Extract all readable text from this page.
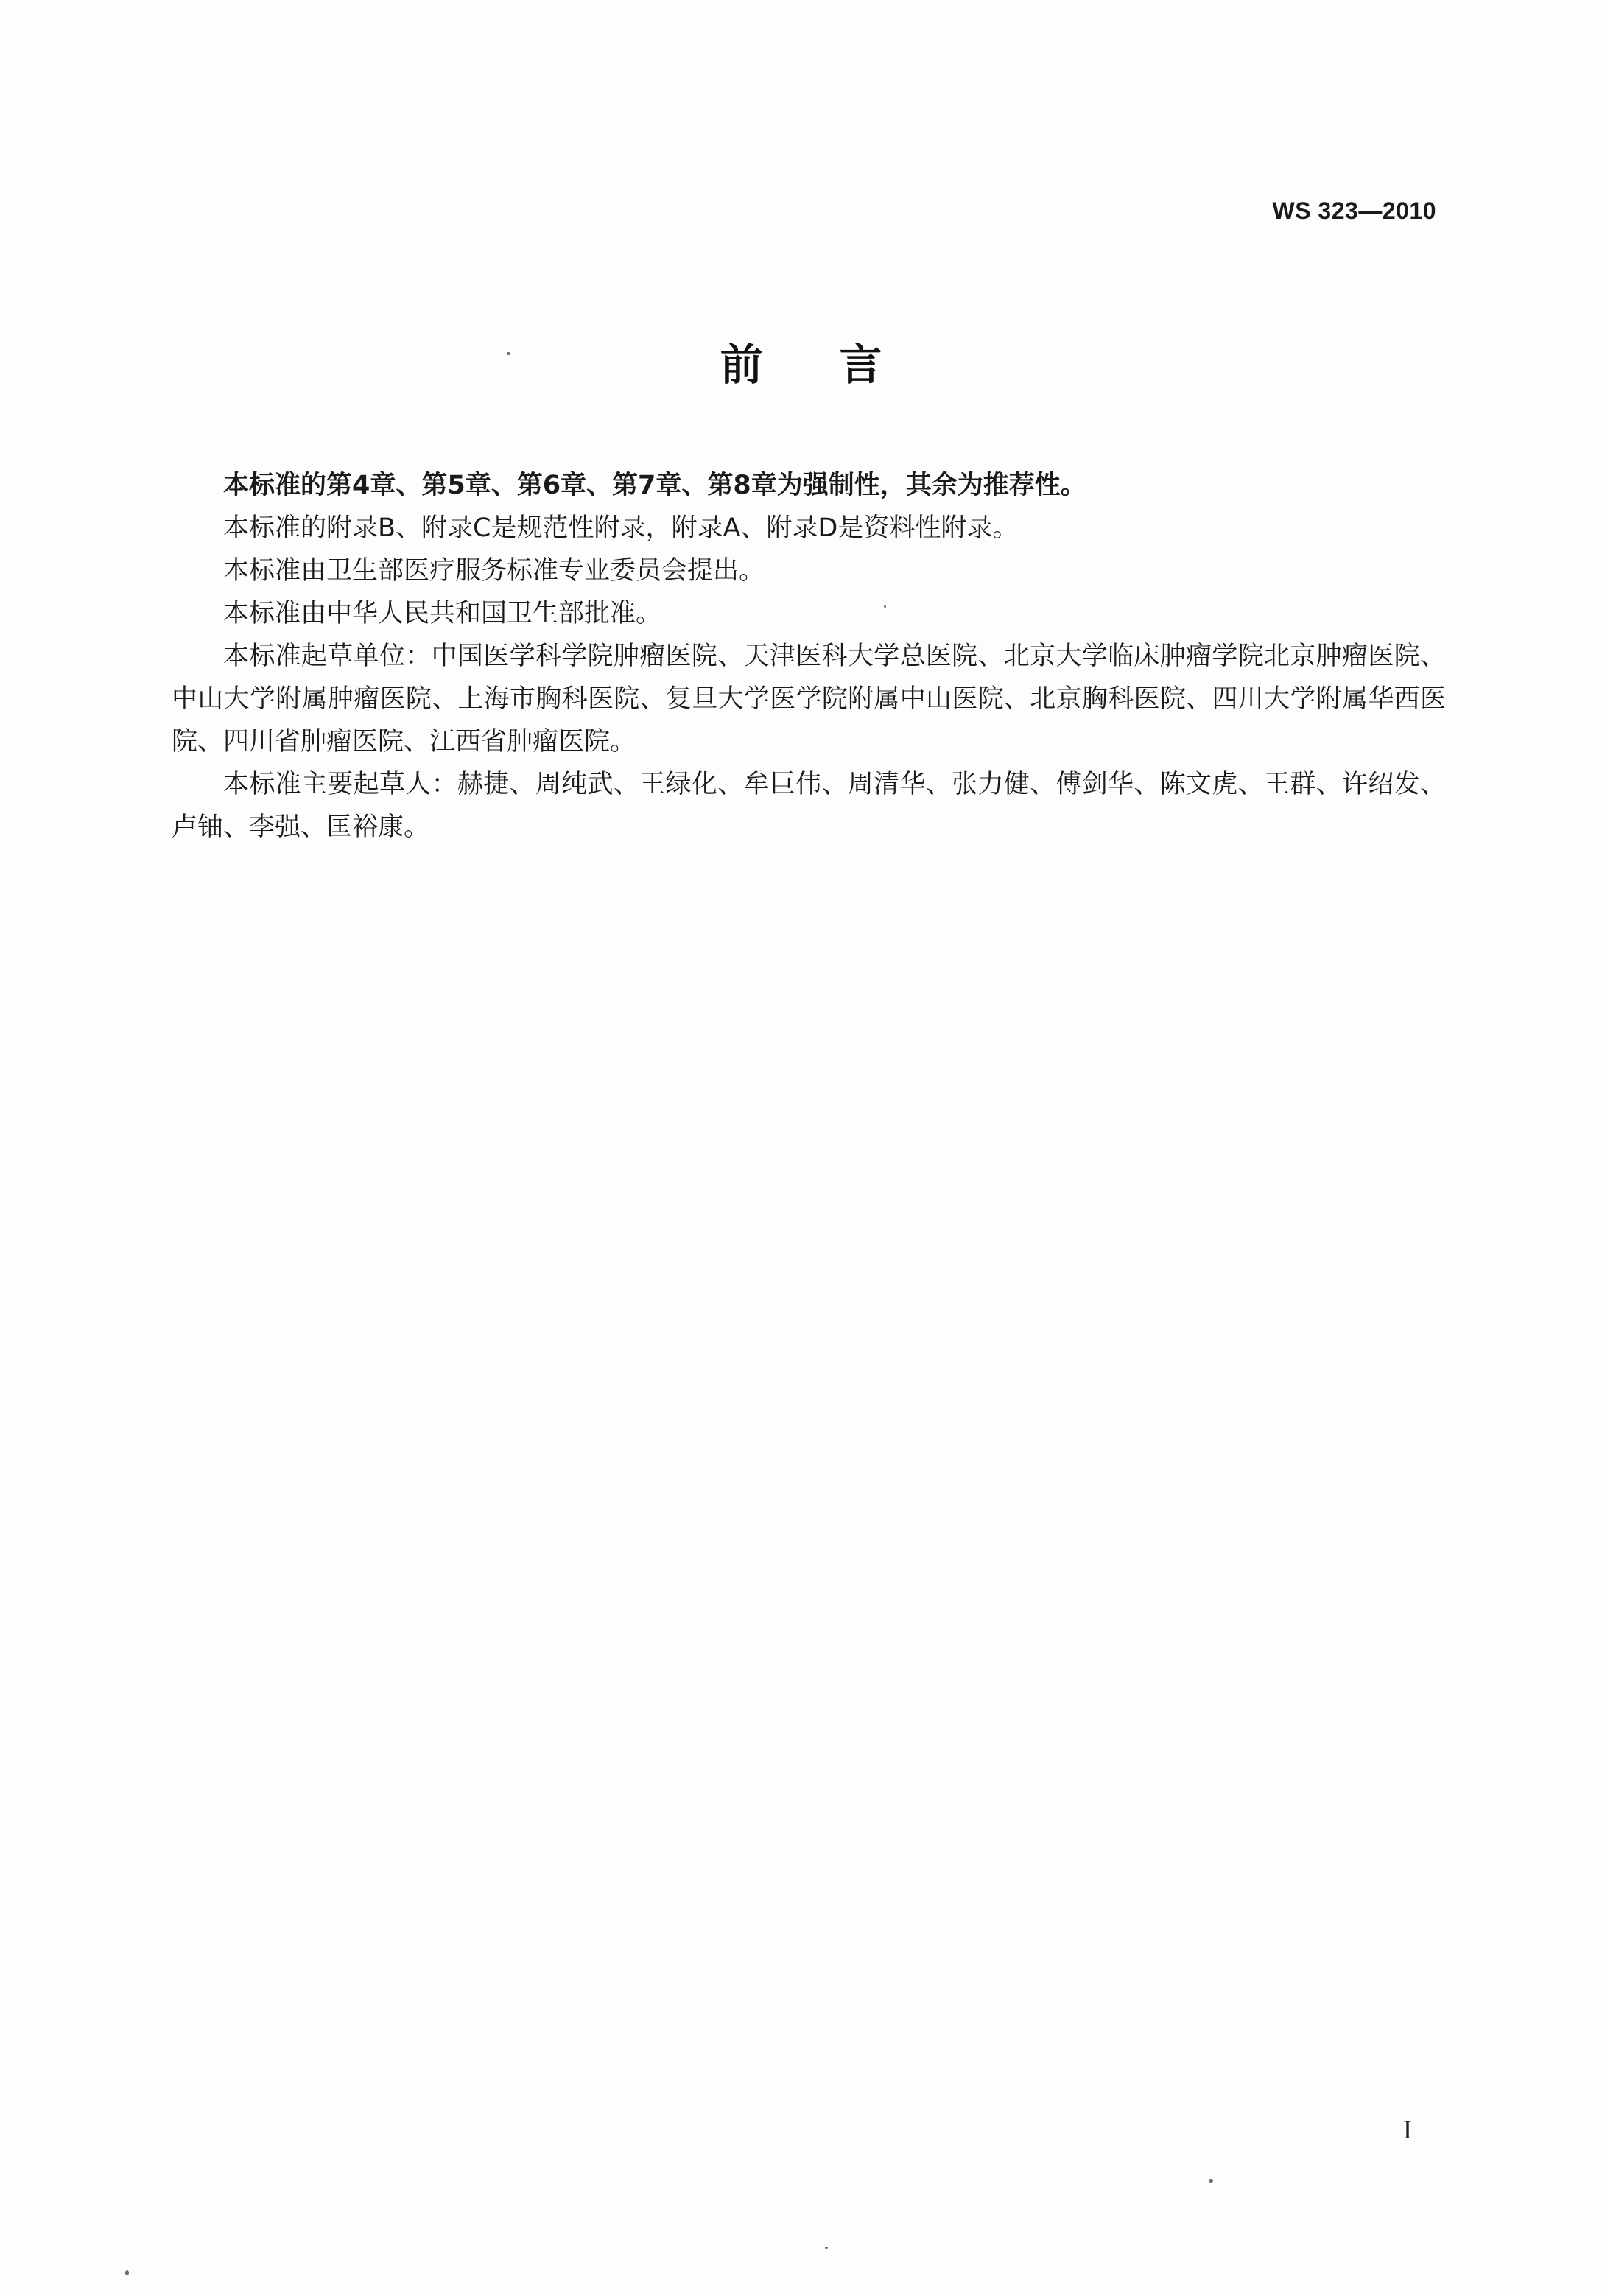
WS 323—2010
前言

本标准的第4章、第5章、第6章、第7章、第8章为强制性，其余为推荐性。

本标准的附录B、附录C是规范性附录，附录A、附录D是资料性附录。

本标准由卫生部医疗服务标准专业委员会提出。

本标准由中华人民共和国卫生部批准。

本标准起草单位：中国医学科学院肿瘤医院、天津医科大学总医院、北京大学临床肿瘤学院北京肿瘤医院、中山大学附属肿瘤医院、上海市胸科医院、复旦大学医学院附属中山医院、北京胸科医院、四川大学附属华西医院、四川省肿瘤医院、江西省肿瘤医院。

本标准主要起草人：赫捷、周纯武、王绿化、牟巨伟、周清华、张力健、傅剑华、陈文虎、王群、许绍发、卢铀、李强、匡裕康。

I
